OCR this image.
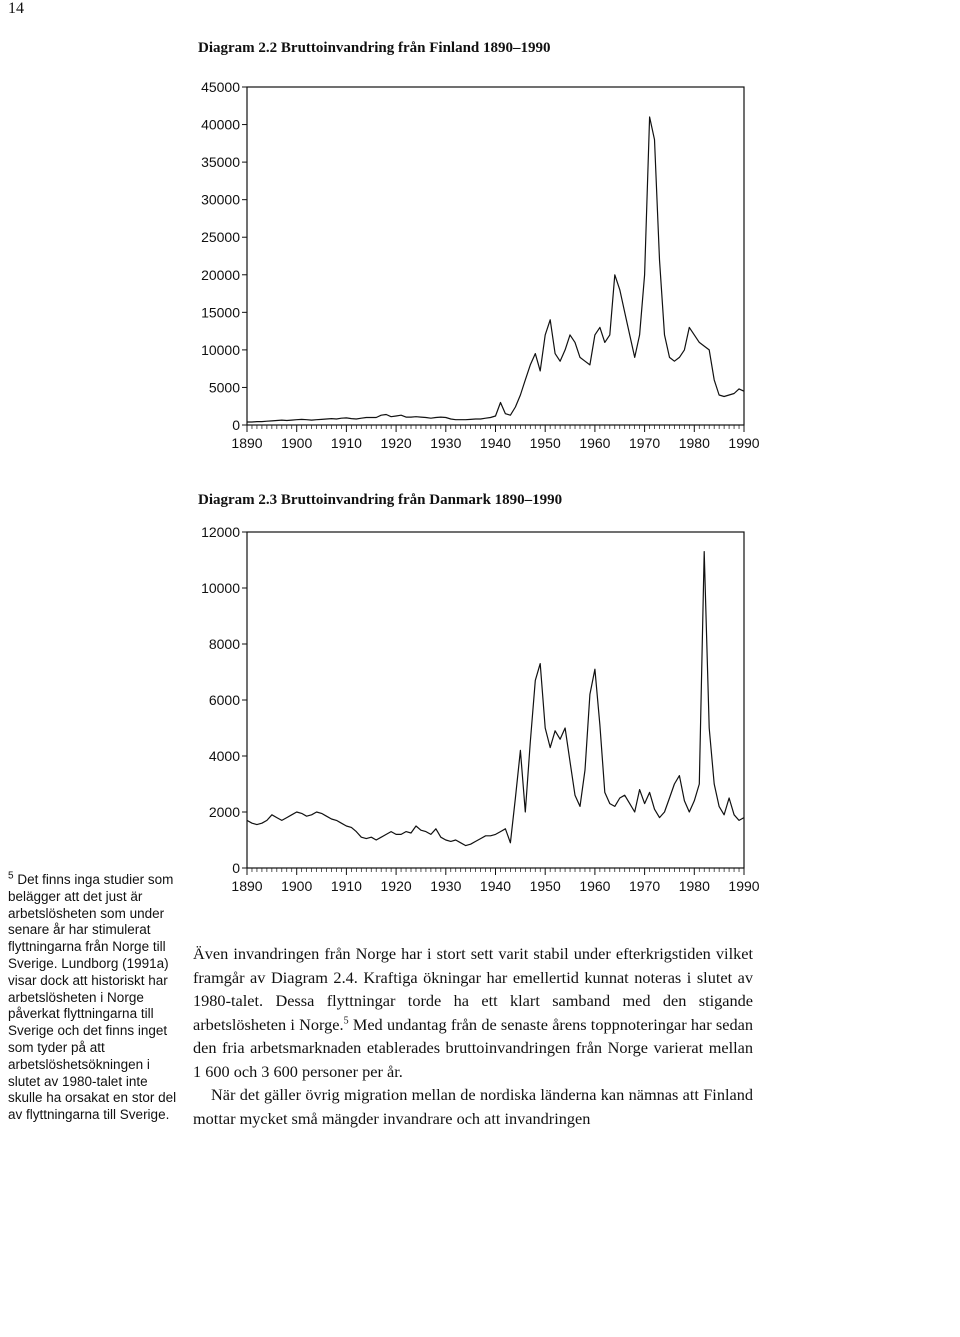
14
Diagram 2.2 Bruttoinvandring från Finland 1890–1990
Diagram 2.3 Bruttoinvandring från Danmark 1890–1990
0
5000
10000
15000
20000
25000
30000
35000
40000
45000
1890 1900 1910 1920 1930 1940 1950 1960 1970 1980 1990
0
2000
4000
6000
8000
10000
12000
1890 1900 1910 1920 1930 1940 1950 1960 1970 1980 1990

$^5$ Det finns inga studier som belägger att det just är arbetslösheten som under senare år har stimulerat flyttningarna från Norge till Sverige. Lundborg (1991a) visar dock att historiskt har arbetslösheten i Norge påverkat flyttningarna till Sverige och det finns inget som tyder på att arbetslöshetsökningen i slutet av 1980-talet inte skulle ha orsakat en stor del av flyttningarna till Sverige.

Även invandringen från Norge har i stort sett varit stabil under efterkrigstiden vilket framgår av Diagram 2.4. Kraftiga ökningar har emellertid kunnat noteras i slutet av 1980-talet. Dessa flyttningar torde ha ett klart samband med den stigande arbetslösheten i Norge.$^5$ Med undantag från de senaste årens toppnoteringar har sedan den fria arbetsmarknaden etablerades bruttoinvandringen från Norge varierat mellan 1 600 och 3 600 personer per år.

När det gäller övrig migration mellan de nordiska länderna kan nämnas att Finland mottar mycket små mängder invandrare och att invandringen
